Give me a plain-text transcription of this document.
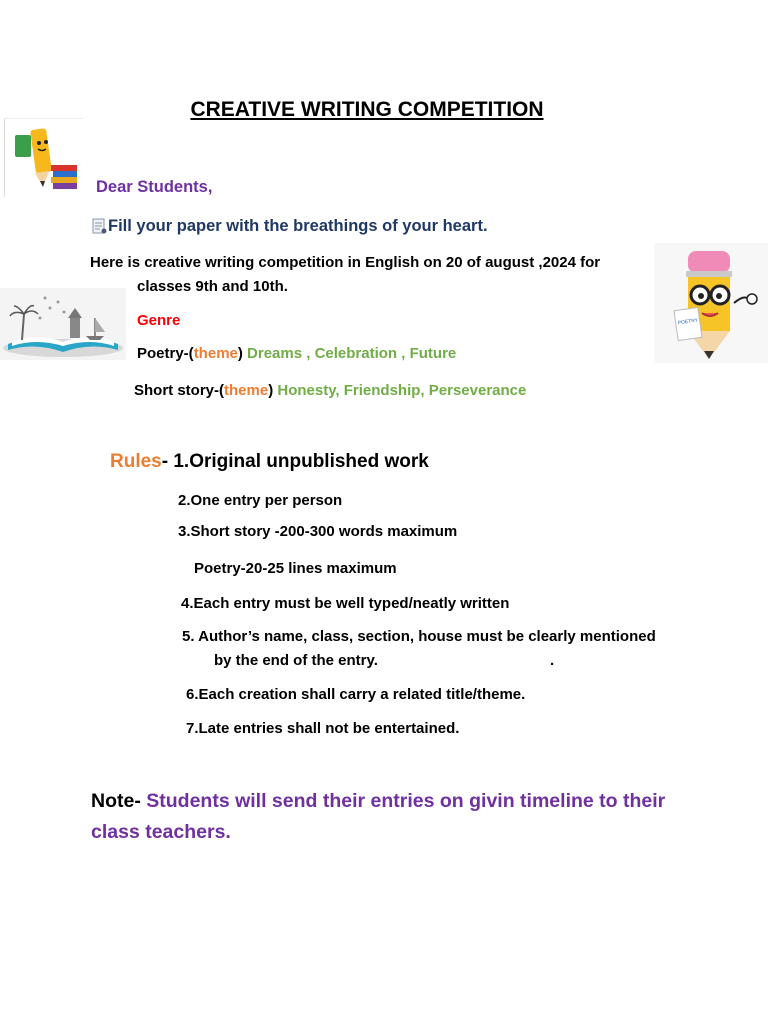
CREATIVE WRITING COMPETITION
Dear Students,
Fill your paper with the breathings of your heart.
Here is creative writing competition in English on 20 of august ,2024 for
classes 9th and 10th.
POETRY
Genre
Poetry-(theme) Dreams , Celebration , Future
Short story-(theme) Honesty, Friendship, Perseverance
Rules- 1.Original unpublished work
2.One entry per person
3.Short story -200-300 words maximum
Poetry-20-25 lines maximum
4.Each entry must be well typed/neatly written
5. Author’s name, class, section, house must be clearly mentioned
by the end of the entry.	.
6.Each creation shall carry a related title/theme.
7.Late entries shall not be entertained.
Note- Students will send their entries on givin timeline to their
class teachers.
